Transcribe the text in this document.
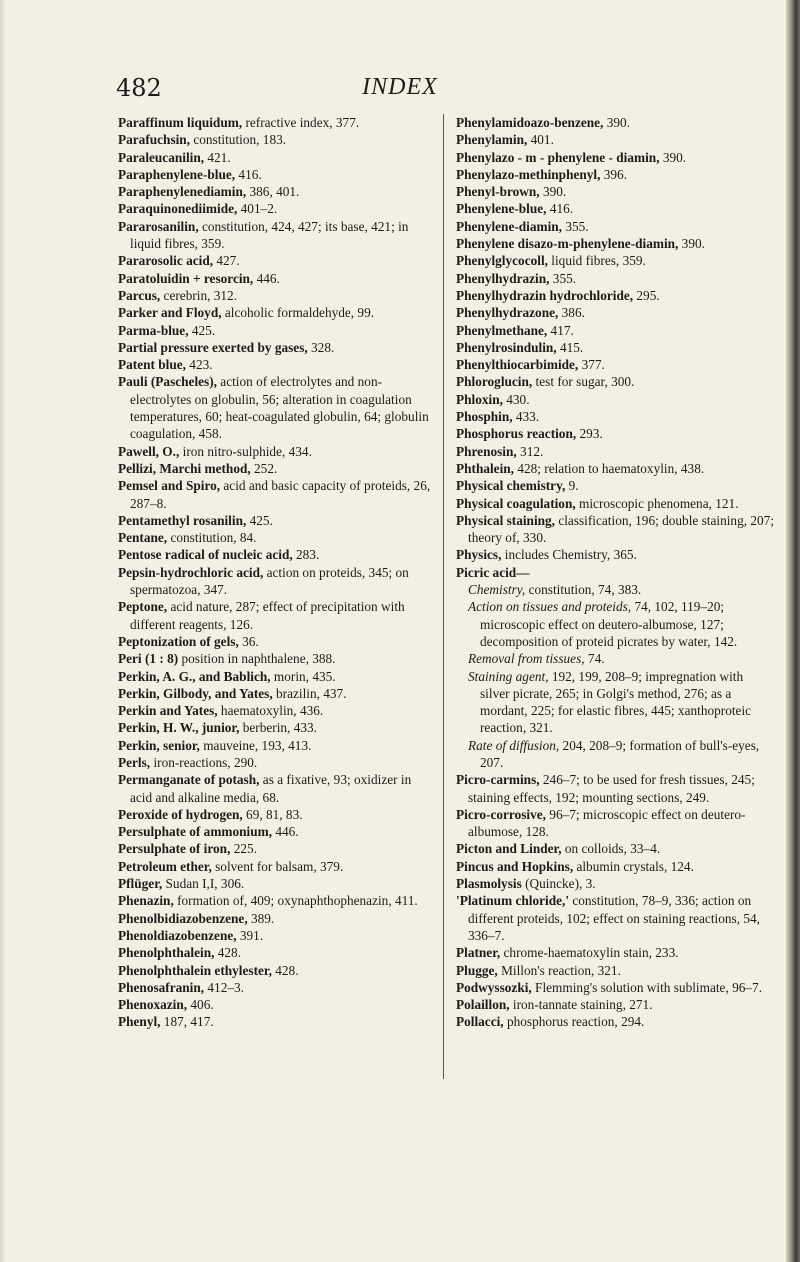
482	INDEX

Paraffinum liquidum, refractive index, 377.

Parafuchsin, constitution, 183.

Paraleucanilin, 421.

Paraphenylene-blue, 416.

Paraphenylenediamin, 386, 401.

Paraquinonediimide, 401–2.

Pararosanilin, constitution, 424, 427; its base, 421; in liquid fibres, 359.

Pararosolic acid, 427.

Paratoluidin + resorcin, 446.

Parcus, cerebrin, 312.

Parker and Floyd, alcoholic formaldehyde, 99.

Parma-blue, 425.

Partial pressure exerted by gases, 328.

Patent blue, 423.

Pauli (Pascheles), action of electrolytes and non-electrolytes on globulin, 56; alteration in coagulation temperatures, 60; heat-coagulated globulin, 64; globulin coagulation, 458.

Pawell, O., iron nitro-sulphide, 434.

Pellizi, Marchi method, 252.

Pemsel and Spiro, acid and basic capacity of proteids, 26, 287–8.

Pentamethyl rosanilin, 425.

Pentane, constitution, 84.

Pentose radical of nucleic acid, 283.

Pepsin-hydrochloric acid, action on proteids, 345; on spermatozoa, 347.

Peptone, acid nature, 287; effect of precipitation with different reagents, 126.

Peptonization of gels, 36.

Peri (1 : 8) position in naphthalene, 388.

Perkin, A. G., and Bablich, morin, 435.

Perkin, Gilbody, and Yates, brazilin, 437.

Perkin and Yates, haematoxylin, 436.

Perkin, H. W., junior, berberin, 433.

Perkin, senior, mauveine, 193, 413.

Perls, iron-reactions, 290.

Permanganate of potash, as a fixative, 93; oxidizer in acid and alkaline media, 68.

Peroxide of hydrogen, 69, 81, 83.

Persulphate of ammonium, 446.

Persulphate of iron, 225.

Petroleum ether, solvent for balsam, 379.

Pflüger, Sudan I,I, 306.

Phenazin, formation of, 409; oxynaphthophenazin, 411.

Phenolbidiazobenzene, 389.

Phenoldiazobenzene, 391.

Phenolphthalein, 428.

Phenolphthalein ethylester, 428.

Phenosafranin, 412–3.

Phenoxazin, 406.

Phenyl, 187, 417.

Phenylamidoazo-benzene, 390.

Phenylamin, 401.

Phenylazo - m - phenylene - diamin, 390.

Phenylazo-methinphenyl, 396.

Phenyl-brown, 390.

Phenylene-blue, 416.

Phenylene-diamin, 355.

Phenylene disazo-m-phenylene-diamin, 390.

Phenylglycocoll, liquid fibres, 359.

Phenylhydrazin, 355.

Phenylhydrazin hydrochloride, 295.

Phenylhydrazone, 386.

Phenylmethane, 417.

Phenylrosindulin, 415.

Phenylthiocarbimide, 377.

Phloroglucin, test for sugar, 300.

Phloxin, 430.

Phosphin, 433.

Phosphorus reaction, 293.

Phrenosin, 312.

Phthalein, 428; relation to haematoxylin, 438.

Physical chemistry, 9.

Physical coagulation, microscopic phenomena, 121.

Physical staining, classification, 196; double staining, 207; theory of, 330.

Physics, includes Chemistry, 365.

Picric acid—

Chemistry, constitution, 74, 383.

Action on tissues and proteids, 74, 102, 119–20; microscopic effect on deutero-albumose, 127; decomposition of proteid picrates by water, 142.

Removal from tissues, 74.

Staining agent, 192, 199, 208–9; impregnation with silver picrate, 265; in Golgi's method, 276; as a mordant, 225; for elastic fibres, 445; xanthoproteic reaction, 321.

Rate of diffusion, 204, 208–9; formation of bull's-eyes, 207.

Picro-carmins, 246–7; to be used for fresh tissues, 245; staining effects, 192; mounting sections, 249.

Picro-corrosive, 96–7; microscopic effect on deutero-albumose, 128.

Picton and Linder, on colloids, 33–4.

Pincus and Hopkins, albumin crystals, 124.

Plasmolysis (Quincke), 3.

'Platinum chloride,' constitution, 78–9, 336; action on different proteids, 102; effect on staining reactions, 54, 336–7.

Platner, chrome-haematoxylin stain, 233.

Plugge, Millon's reaction, 321.

Podwyssozki, Flemming's solution with sublimate, 96–7.

Polaillon, iron-tannate staining, 271.

Pollacci, phosphorus reaction, 294.
